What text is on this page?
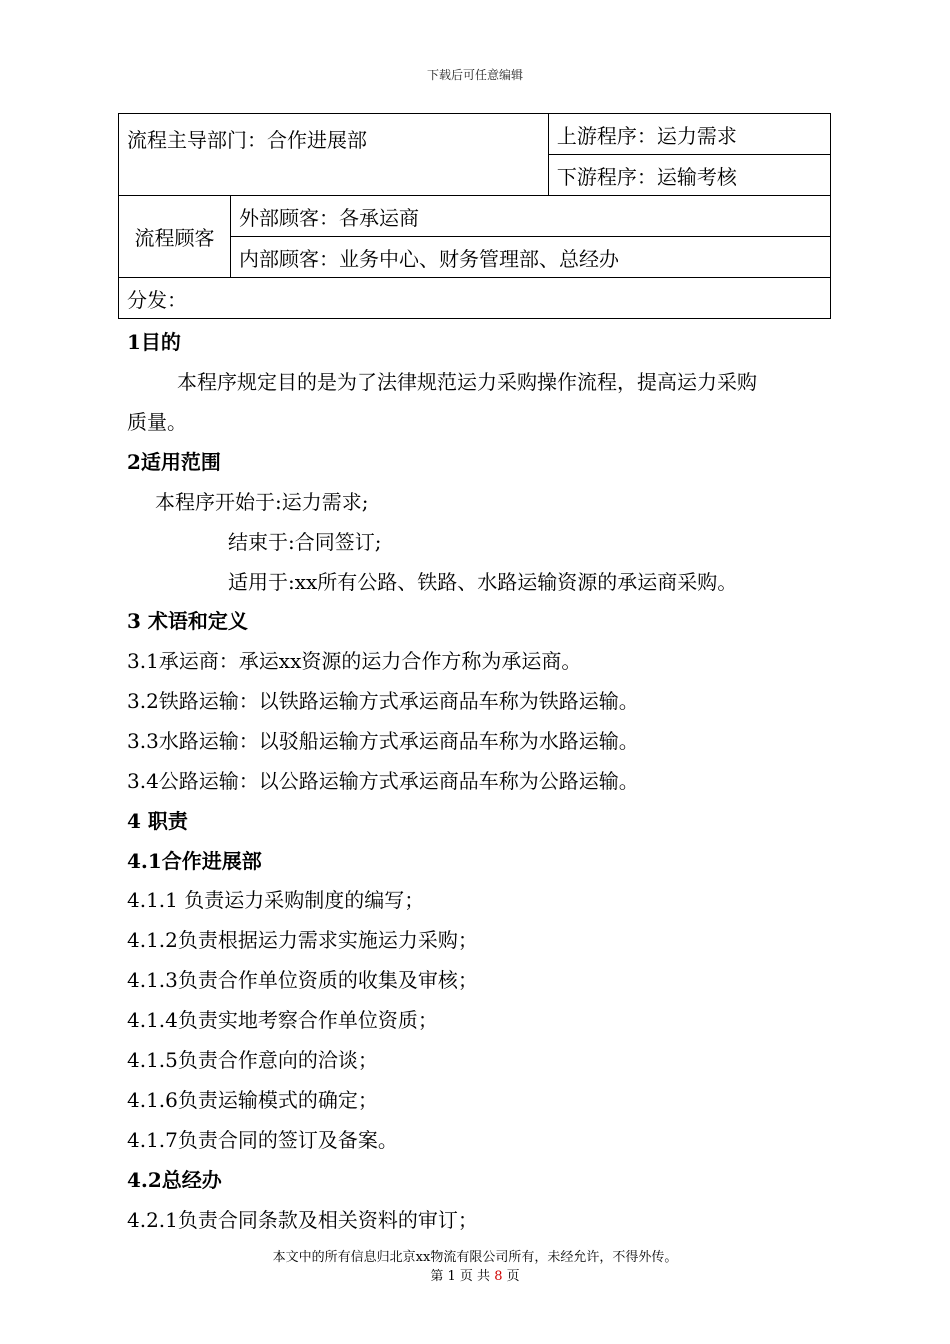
下载后可任意编辑
流程主导部门：合作进展部		上游程序：运力需求
		下游程序：运输考核
流程顾客	外部顾客：各承运商	
	内部顾客：业务中心、财务管理部、总经办	
分发：		
1目的
本程序规定目的是为了法律规范运力采购操作流程，提高运力采购
质量。
2适用范围
本程序开始于:运力需求;
结束于:合同签订;
适用于:xx所有公路、铁路、水路运输资源的承运商采购。
3 术语和定义
3.1承运商：承运xx资源的运力合作方称为承运商。
3.2铁路运输：以铁路运输方式承运商品车称为铁路运输。
3.3水路运输：以驳船运输方式承运商品车称为水路运输。
3.4公路运输：以公路运输方式承运商品车称为公路运输。
4 职责
4.1合作进展部
4.1.1 负责运力采购制度的编写；
4.1.2负责根据运力需求实施运力采购；
4.1.3负责合作单位资质的收集及审核；
4.1.4负责实地考察合作单位资质；
4.1.5负责合作意向的洽谈；
4.1.6负责运输模式的确定；
4.1.7负责合同的签订及备案。
4.2总经办
4.2.1负责合同条款及相关资料的审订；
本文中的所有信息归北京xx物流有限公司所有，未经允许，不得外传。
第 1 页 共 8 页
